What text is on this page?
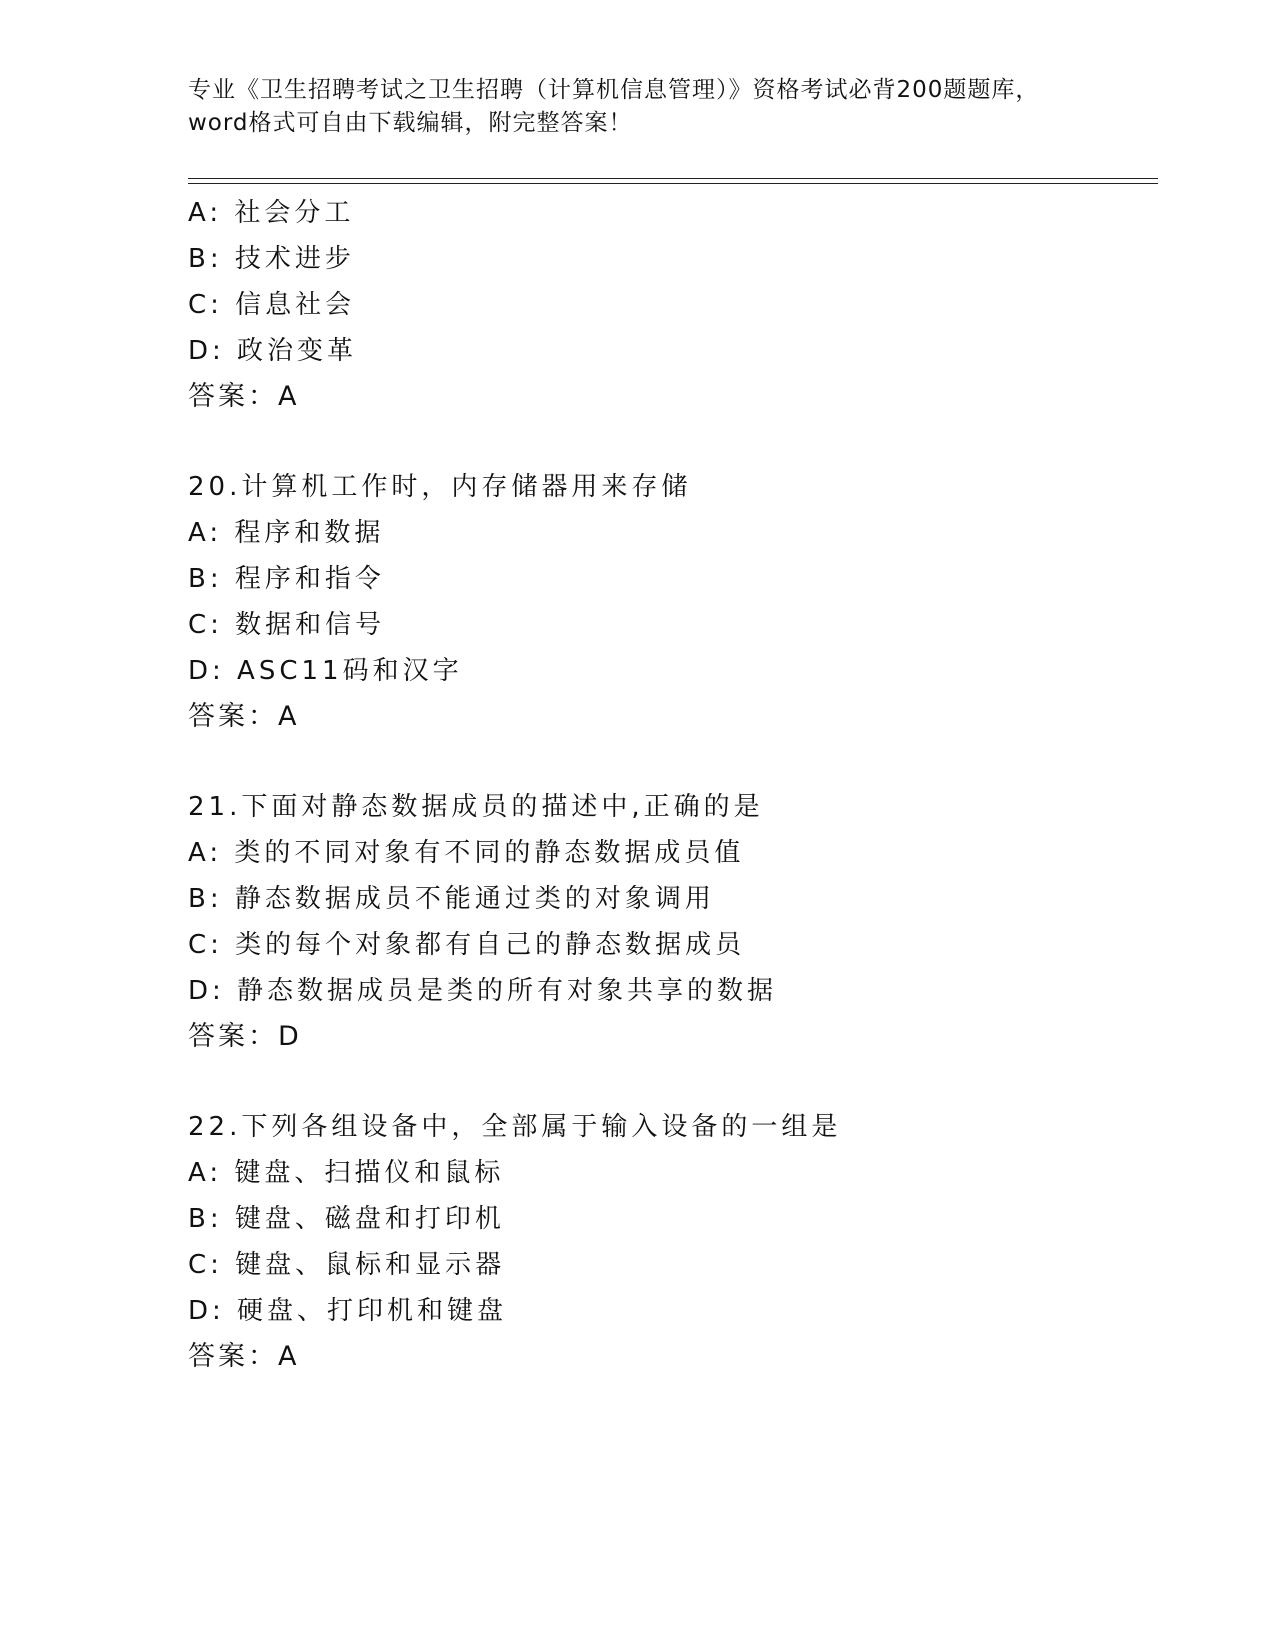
专业《卫生招聘考试之卫生招聘（计算机信息管理）》资格考试必背200题题库，
word格式可自由下载编辑，附完整答案！
A: 社会分工
B: 技术进步
C: 信息社会
D: 政治变革
答案：A
20.计算机工作时，内存储器用来存储
A: 程序和数据
B: 程序和指令
C: 数据和信号
D: ASC11码和汉字
答案：A
21.下面对静态数据成员的描述中,正确的是
A: 类的不同对象有不同的静态数据成员值
B: 静态数据成员不能通过类的对象调用
C: 类的每个对象都有自己的静态数据成员
D: 静态数据成员是类的所有对象共享的数据
答案：D
22.下列各组设备中，全部属于输入设备的一组是
A: 键盘、扫描仪和鼠标
B: 键盘、磁盘和打印机
C: 键盘、鼠标和显示器
D: 硬盘、打印机和键盘
答案：A
